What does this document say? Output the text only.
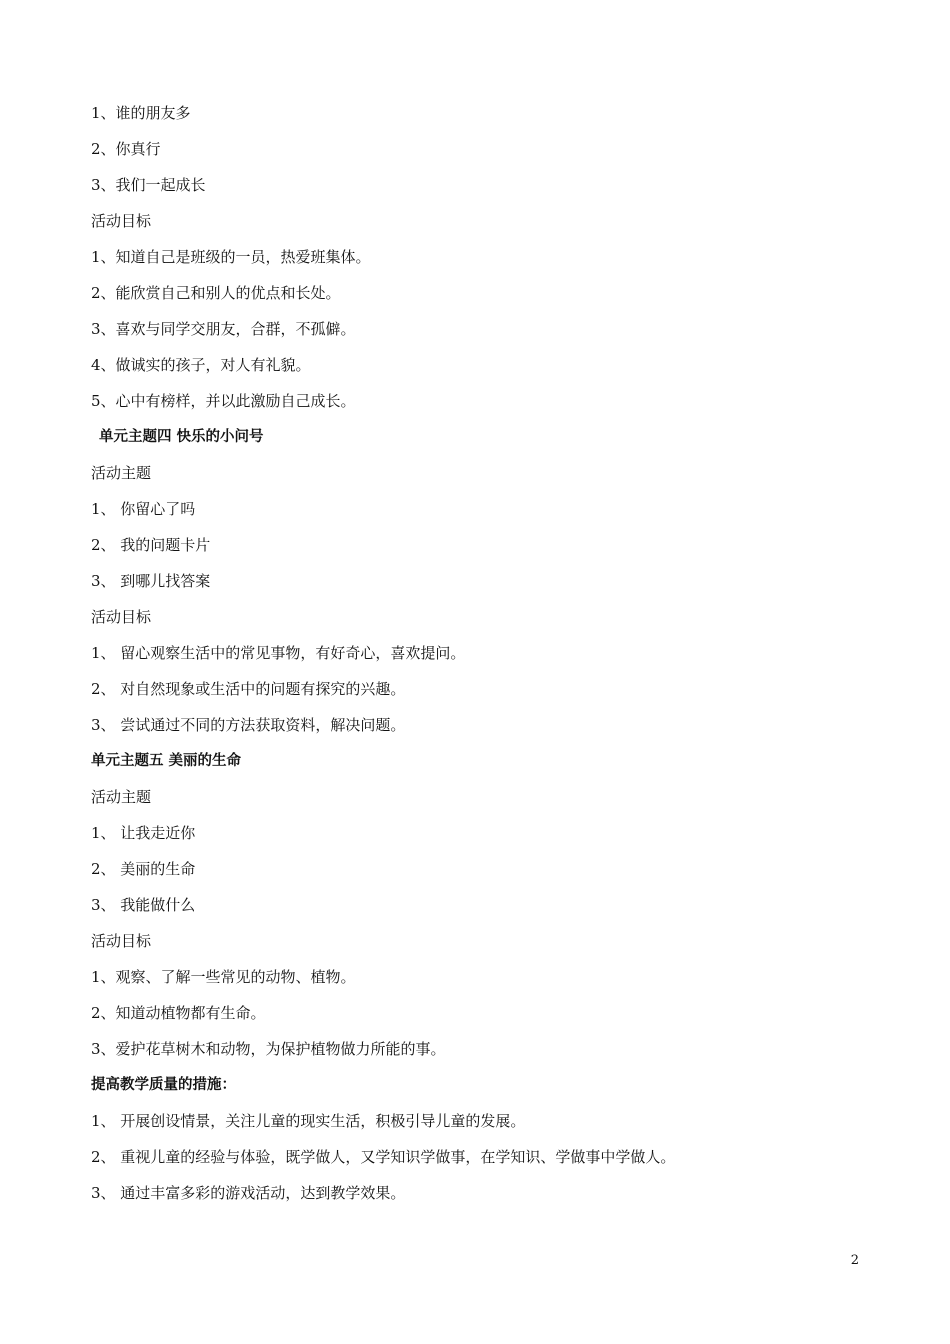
1、谁的朋友多
2、你真行
3、我们一起成长
活动目标
1、知道自己是班级的一员，热爱班集体。
2、能欣赏自己和别人的优点和长处。
3、喜欢与同学交朋友，合群，不孤僻。
4、做诚实的孩子，对人有礼貌。
5、心中有榜样，并以此激励自己成长。
单元主题四 快乐的小问号
活动主题
1、 你留心了吗
2、 我的问题卡片
3、 到哪儿找答案
活动目标
1、 留心观察生活中的常见事物，有好奇心，喜欢提问。
2、 对自然现象或生活中的问题有探究的兴趣。
3、 尝试通过不同的方法获取资料，解决问题。
单元主题五 美丽的生命
活动主题
1、 让我走近你
2、 美丽的生命
3、 我能做什么
活动目标
1、观察、了解一些常见的动物、植物。
2、知道动植物都有生命。
3、爱护花草树木和动物，为保护植物做力所能的事。
提高教学质量的措施：
1、 开展创设情景，关注儿童的现实生活，积极引导儿童的发展。
2、 重视儿童的经验与体验，既学做人，又学知识学做事，在学知识、学做事中学做人。
3、 通过丰富多彩的游戏活动，达到教学效果。
2
